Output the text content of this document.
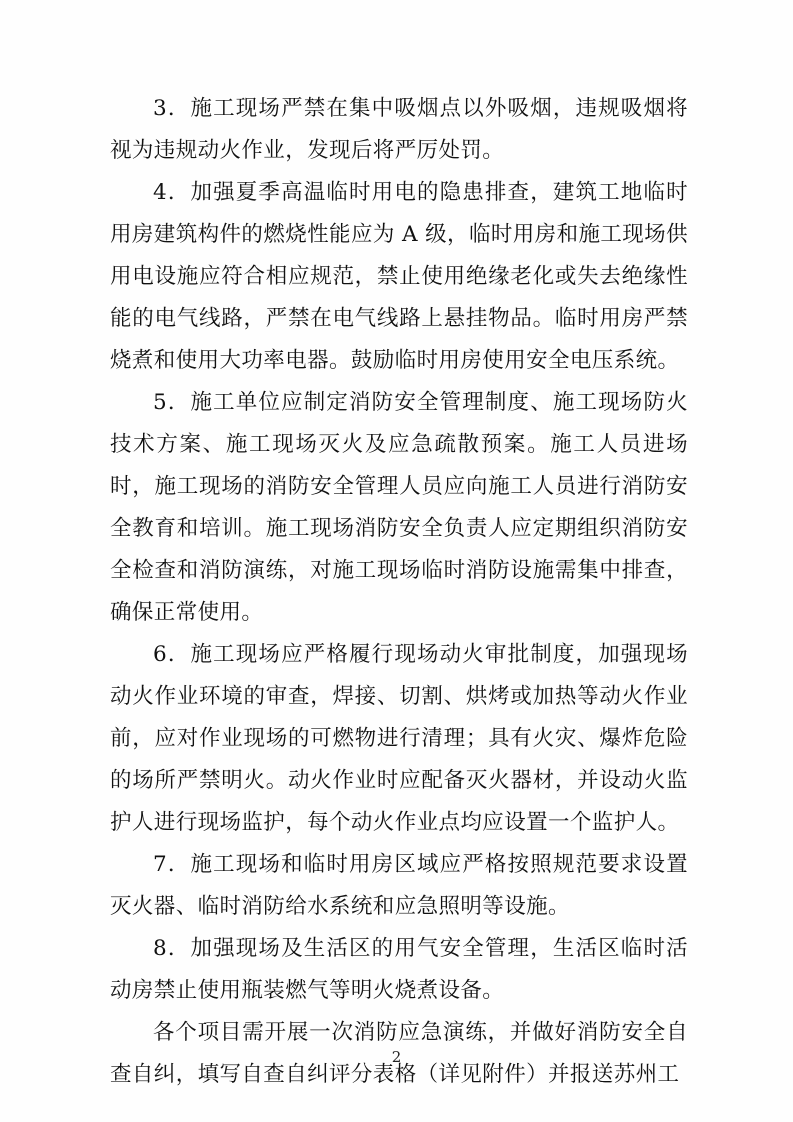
3．施工现场严禁在集中吸烟点以外吸烟，违规吸烟将视为违规动火作业，发现后将严厉处罚。

4．加强夏季高温临时用电的隐患排查，建筑工地临时用房建筑构件的燃烧性能应为 A 级，临时用房和施工现场供用电设施应符合相应规范，禁止使用绝缘老化或失去绝缘性能的电气线路，严禁在电气线路上悬挂物品。临时用房严禁烧煮和使用大功率电器。鼓励临时用房使用安全电压系统。

5．施工单位应制定消防安全管理制度、施工现场防火技术方案、施工现场灭火及应急疏散预案。施工人员进场时，施工现场的消防安全管理人员应向施工人员进行消防安全教育和培训。施工现场消防安全负责人应定期组织消防安全检查和消防演练，对施工现场临时消防设施需集中排查，确保正常使用。

6．施工现场应严格履行现场动火审批制度，加强现场动火作业环境的审查，焊接、切割、烘烤或加热等动火作业前，应对作业现场的可燃物进行清理；具有火灾、爆炸危险的场所严禁明火。动火作业时应配备灭火器材，并设动火监护人进行现场监护，每个动火作业点均应设置一个监护人。

7．施工现场和临时用房区域应严格按照规范要求设置灭火器、临时消防给水系统和应急照明等设施。

8．加强现场及生活区的用气安全管理，生活区临时活动房禁止使用瓶装燃气等明火烧煮设备。

各个项目需开展一次消防应急演练，并做好消防安全自查自纠，填写自查自纠评分表格（详见附件）并报送苏州工

2
